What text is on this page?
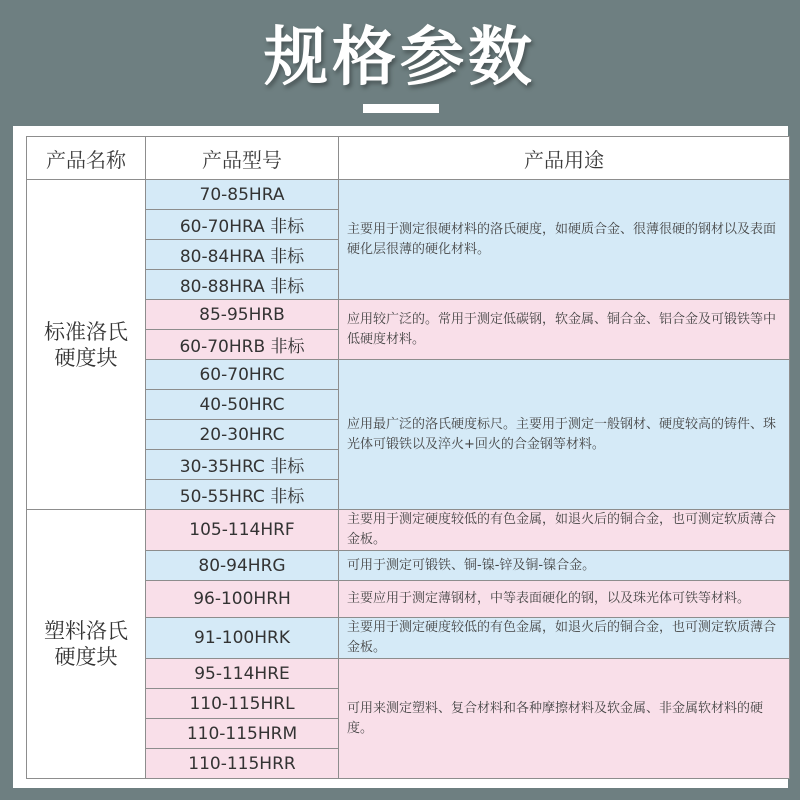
规格参数
产品名称	产品型号	产品用途
标准洛氏
硬度块	70-85HRA	主要用于测定很硬材料的洛氏硬度，如硬质合金、很薄很硬的钢材以及表面硬化层很薄的硬化材料。
	60-70HRA 非标	
	80-84HRA 非标	
	80-88HRA 非标	
	85-95HRB	应用较广泛的。常用于测定低碳钢，软金属、铜合金、铝合金及可锻铁等中低硬度材料。
	60-70HRB 非标	
	60-70HRC	应用最广泛的洛氏硬度标尺。主要用于测定一般钢材、硬度较高的铸件、珠光体可锻铁以及淬火+回火的合金钢等材料。
	40-50HRC	
	20-30HRC	
	30-35HRC 非标	
	50-55HRC 非标	
塑料洛氏
硬度块	105-114HRF	主要用于测定硬度较低的有色金属，如退火后的铜合金，也可测定软质薄合金板。
	80-94HRG	可用于测定可锻铁、铜-镍-锌及铜-镍合金。
	96-100HRH	主要应用于测定薄钢材，中等表面硬化的钢，以及珠光体可铁等材料。
	91-100HRK	主要用于测定硬度较低的有色金属，如退火后的铜合金，也可测定软质薄合金板。
	95-114HRE	可用来测定塑料、复合材料和各种摩擦材料及软金属、非金属软材料的硬度。
	110-115HRL	
	110-115HRM	
	110-115HRR	
